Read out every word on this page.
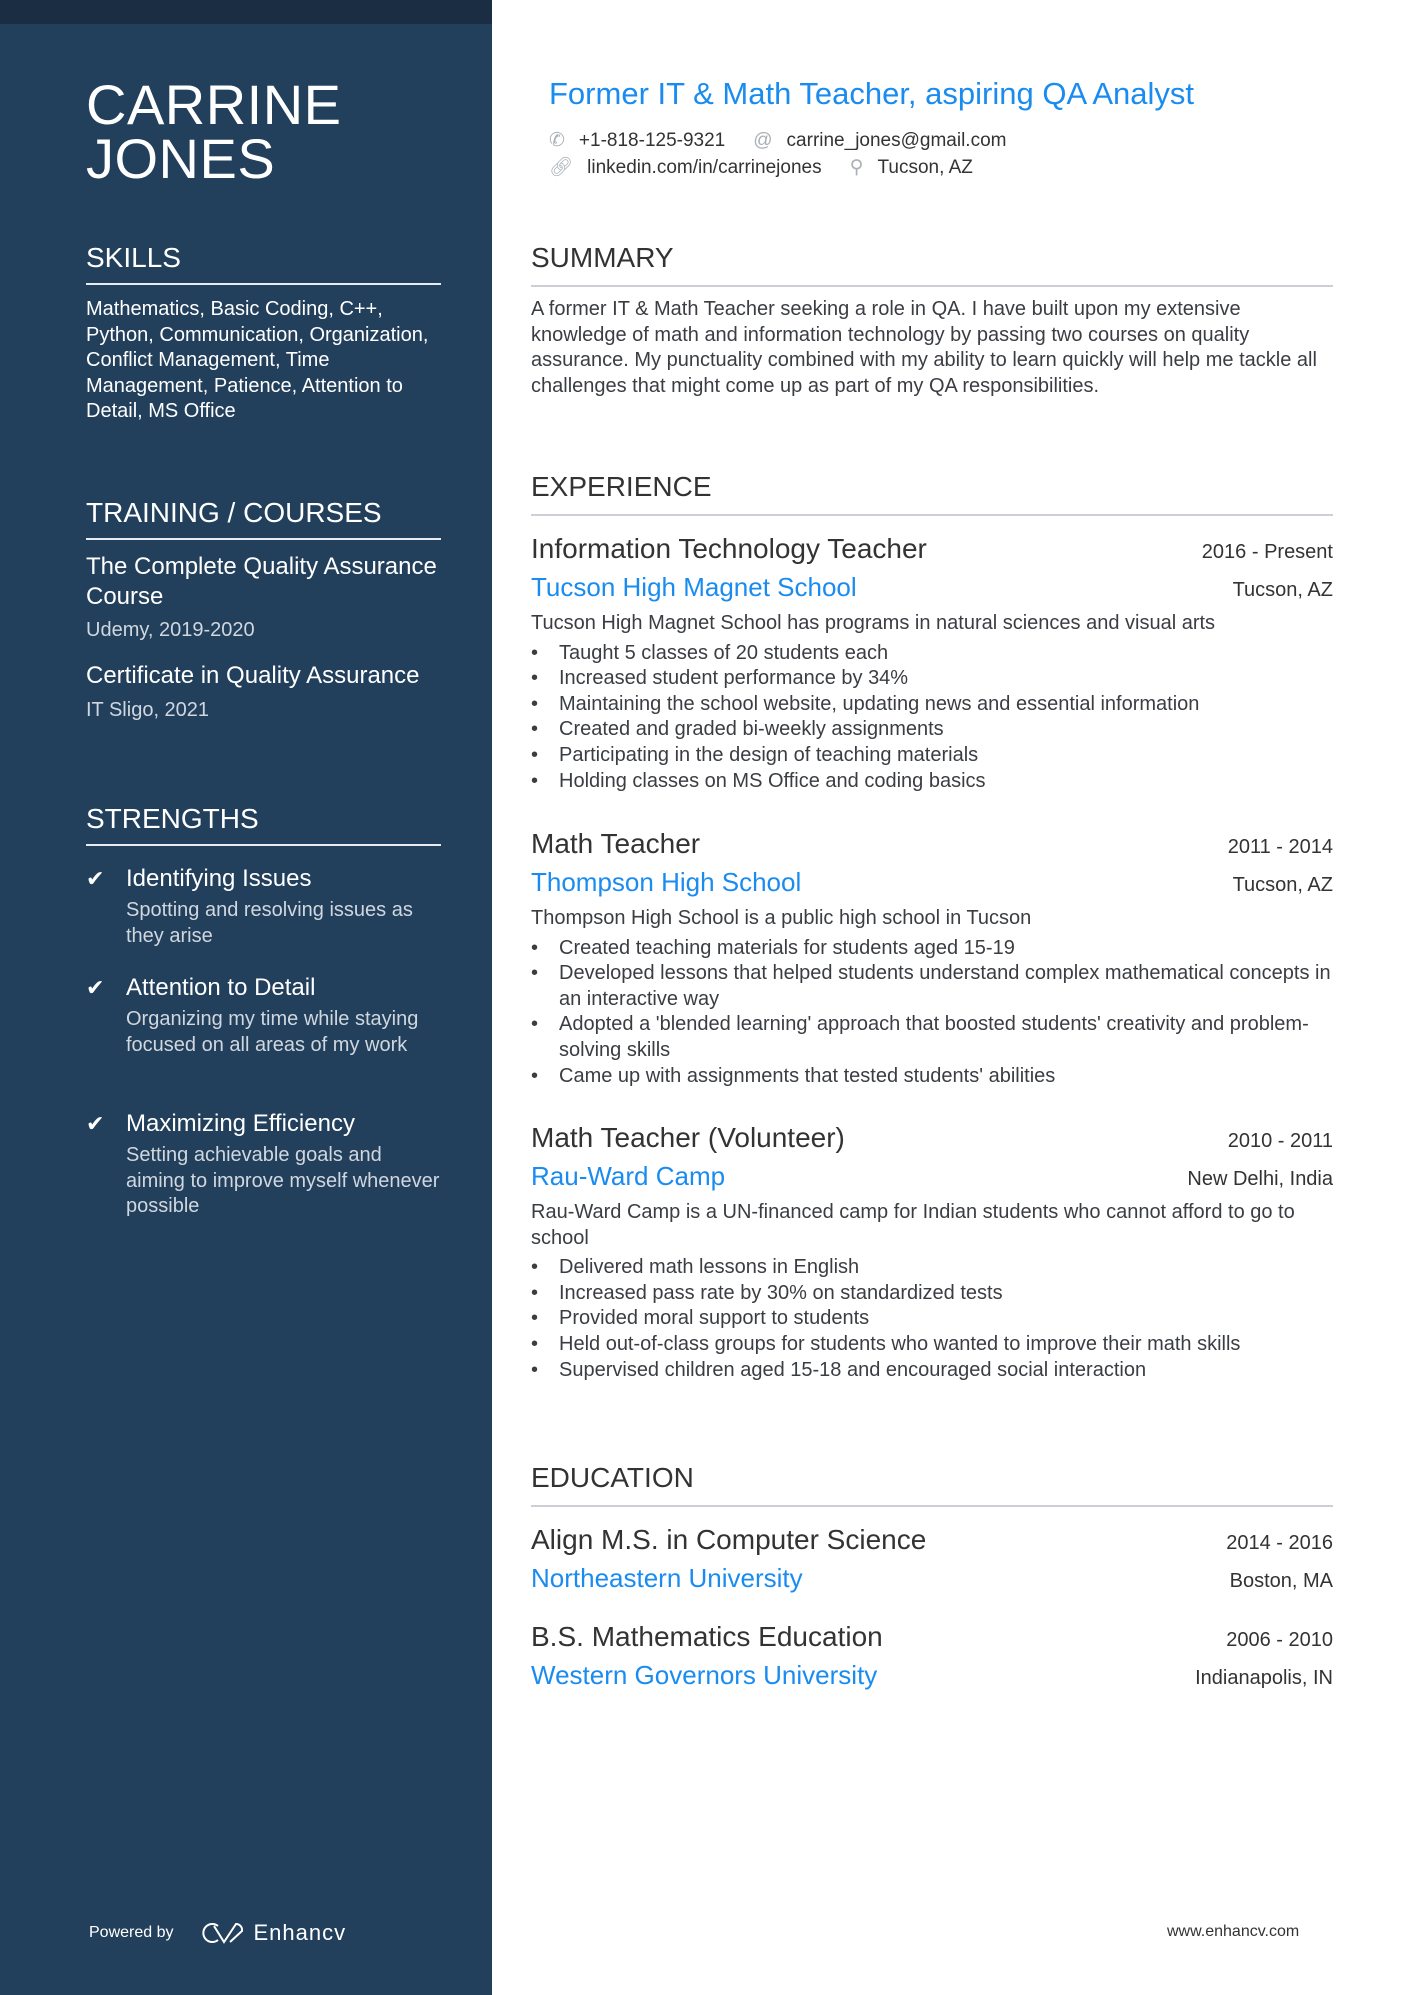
CARRINE
JONES
SKILLS
Mathematics, Basic Coding, C++, Python, Communication, Organization, Conflict Management, Time Management, Patience, Attention to Detail, MS Office
TRAINING / COURSES
The Complete Quality Assurance Course
Udemy, 2019-2020
Certificate in Quality Assurance
IT Sligo, 2021
STRENGTHS
✔ Identifying Issues
Spotting and resolving issues as they arise
✔ Attention to Detail
Organizing my time while staying focused on all areas of my work
✔ Maximizing Efficiency
Setting achievable goals and aiming to improve myself whenever possible
Powered by	Enhancv
Former IT & Math Teacher, aspiring QA Analyst
✆ +1-818-125-9321 @ carrine_jones@gmail.com
🔗︎ linkedin.com/in/carrinejones ⚲ Tucson, AZ
SUMMARY
A former IT & Math Teacher seeking a role in QA. I have built upon my extensive knowledge of math and information technology by passing two courses on quality assurance. My punctuality combined with my ability to learn quickly will help me tackle all challenges that might come up as part of my QA responsibilities.
EXPERIENCE
Information Technology Teacher	2016 - Present
Tucson High Magnet School	Tucson, AZ
Tucson High Magnet School has programs in natural sciences and visual arts
• Taught 5 classes of 20 students each
• Increased student performance by 34%
• Maintaining the school website, updating news and essential information
• Created and graded bi-weekly assignments
• Participating in the design of teaching materials
• Holding classes on MS Office and coding basics
Math Teacher	2011 - 2014
Thompson High School	Tucson, AZ
Thompson High School is a public high school in Tucson
• Created teaching materials for students aged 15-19
• Developed lessons that helped students understand complex mathematical concepts in an interactive way
• Adopted a 'blended learning' approach that boosted students' creativity and problem-solving skills
• Came up with assignments that tested students' abilities
Math Teacher (Volunteer)	2010 - 2011
Rau-Ward Camp	New Delhi, India
Rau-Ward Camp is a UN-financed camp for Indian students who cannot afford to go to school
• Delivered math lessons in English
• Increased pass rate by 30% on standardized tests
• Provided moral support to students
• Held out-of-class groups for students who wanted to improve their math skills
• Supervised children aged 15-18 and encouraged social interaction
EDUCATION
Align M.S. in Computer Science	2014 - 2016
Northeastern University	Boston, MA
B.S. Mathematics Education	2006 - 2010
Western Governors University	Indianapolis, IN
www.enhancv.com
